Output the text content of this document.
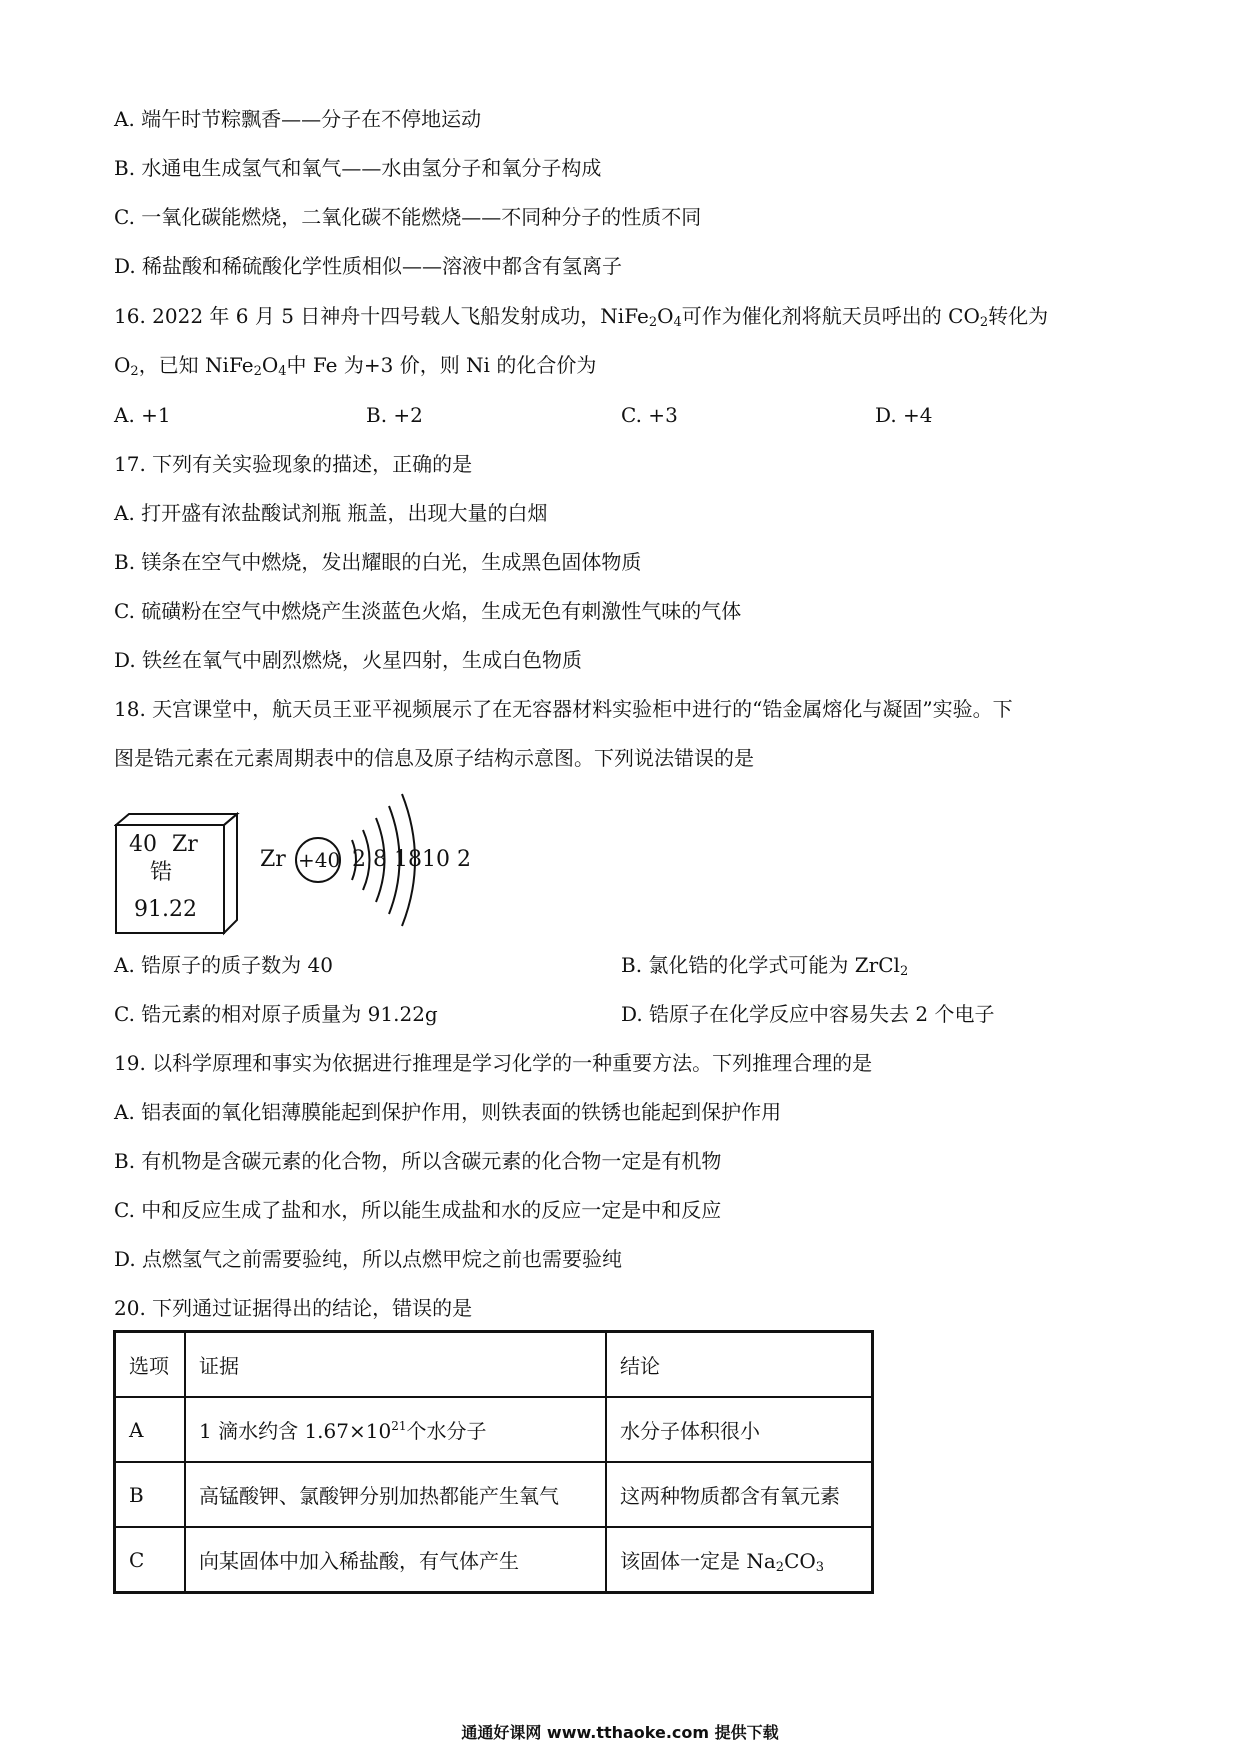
A. 端午时节粽飘香——分子在不停地运动
B. 水通电生成氢气和氧气——水由氢分子和氧分子构成
C. 一氧化碳能燃烧，二氧化碳不能燃烧——不同种分子的性质不同
D. 稀盐酸和稀硫酸化学性质相似——溶液中都含有氢离子
16. 2022 年 6 月 5 日神舟十四号载人飞船发射成功，$NiFe_2O_4$可作为催化剂将航天员呼出的 $CO_2$转化为
$O_2$，已知 $NiFe_2O_4$中 Fe 为+3 价，则 Ni 的化合价为
A. +1	B. +2	C. +3	D. +4
17. 下列有关实验现象的描述，正确的是
A. 打开盛有浓盐酸试剂瓶 瓶盖，出现大量的白烟
B. 镁条在空气中燃烧，发出耀眼的白光，生成黑色固体物质
C. 硫磺粉在空气中燃烧产生淡蓝色火焰，生成无色有刺激性气味的气体
D. 铁丝在氧气中剧烈燃烧，火星四射，生成白色物质
18. 天宫课堂中，航天员王亚平视频展示了在无容器材料实验柜中进行的“锆金属熔化与凝固”实验。下
图是锆元素在元素周期表中的信息及原子结构示意图。下列说法错误的是
40 Zr
锆
91.22
Zr +40 2 8 1810 2
A. 锆原子的质子数为 40	B. 氯化锆的化学式可能为 ZrCl$_2$
C. 锆元素的相对原子质量为 91.22g	D. 锆原子在化学反应中容易失去 2 个电子
19. 以科学原理和事实为依据进行推理是学习化学的一种重要方法。下列推理合理的是
A. 铝表面的氧化铝薄膜能起到保护作用，则铁表面的铁锈也能起到保护作用
B. 有机物是含碳元素的化合物，所以含碳元素的化合物一定是有机物
C. 中和反应生成了盐和水，所以能生成盐和水的反应一定是中和反应
D. 点燃氢气之前需要验纯，所以点燃甲烷之前也需要验纯
20. 下列通过证据得出的结论，错误的是
选项	证据	结论
A	1 滴水约含 $1.67\times 10^{21}$个水分子	水分子体积很小
B	高锰酸钾、氯酸钾分别加热都能产生氧气	这两种物质都含有氧元素
C	向某固体中加入稀盐酸，有气体产生	该固体一定是 $Na_2CO_3$
通通好课网 www.tthaoke.com 提供下载
